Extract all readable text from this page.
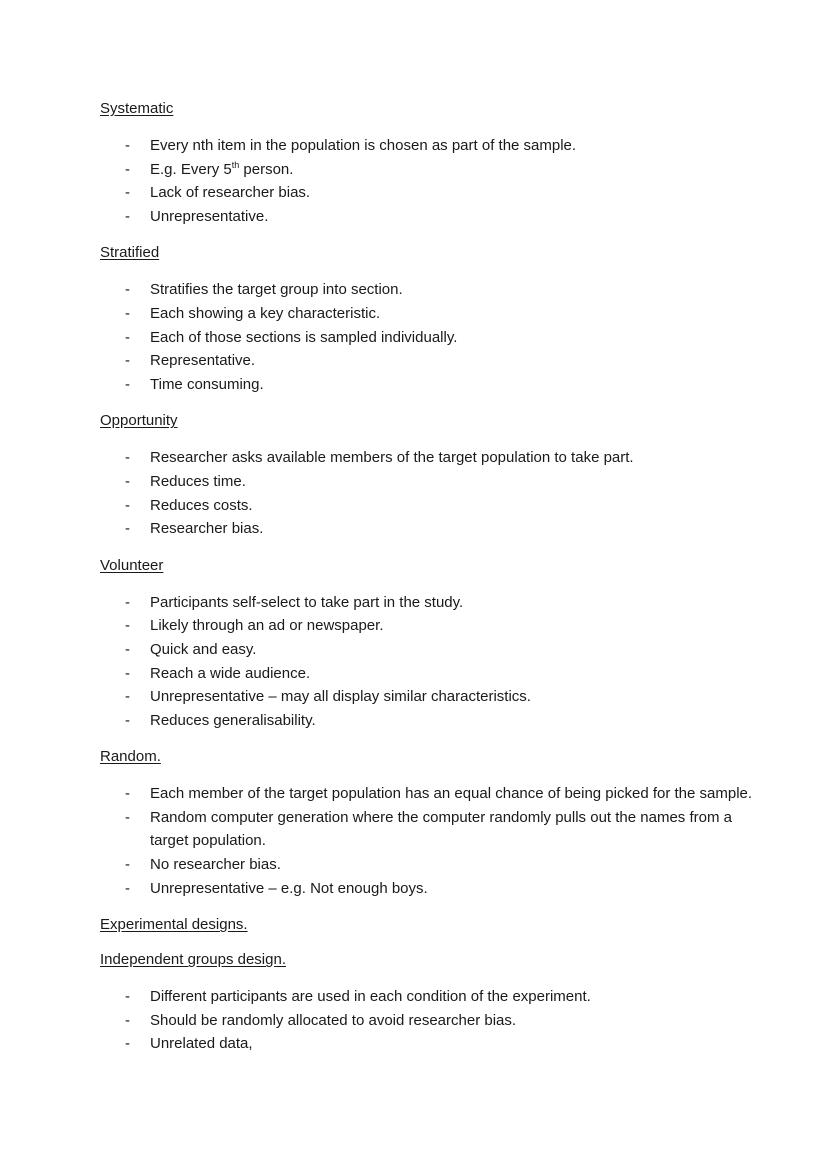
Systematic

- Every nth item in the population is chosen as part of the sample.
- E.g. Every 5th person.
- Lack of researcher bias.
- Unrepresentative.

Stratified

- Stratifies the target group into section.
- Each showing a key characteristic.
- Each of those sections is sampled individually.
- Representative.
- Time consuming.

Opportunity

- Researcher asks available members of the target population to take part.
- Reduces time.
- Reduces costs.
- Researcher bias.

Volunteer

- Participants self-select to take part in the study.
- Likely through an ad or newspaper.
- Quick and easy.
- Reach a wide audience.
- Unrepresentative – may all display similar characteristics.
- Reduces generalisability.

Random.

- Each member of the target population has an equal chance of being picked for the sample.
- Random computer generation where the computer randomly pulls out the names from a target population.
- No researcher bias.
- Unrepresentative – e.g. Not enough boys.

Experimental designs.

Independent groups design.

- Different participants are used in each condition of the experiment.
- Should be randomly allocated to avoid researcher bias.
- Unrelated data,
